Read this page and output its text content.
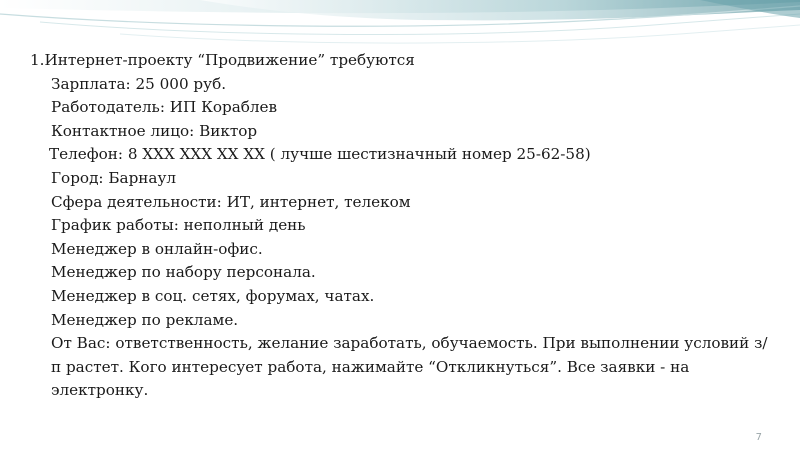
1.Интернет-проекту “Продвижение” требуются
Зарплата: 25 000 руб.
Работодатель: ИП Кораблев
Контактное лицо: Виктор
Телефон: 8 XXX XXX XX XX ( лучше шестизначный номер 25-62-58)
Город: Барнаул
Сфера деятельности: ИТ, интернет, телеком
График работы: неполный день
Менеджер в онлайн-офис.
Менеджер по набору персонала.
Менеджер в соц. сетях, форумах, чатах.
Менеджер по рекламе.
От Вас: ответственность, желание заработать, обучаемость. При выполнении условий з/п растет. Кого интересует работа, нажимайте “Откликнуться”. Все заявки - на электронку.
7
